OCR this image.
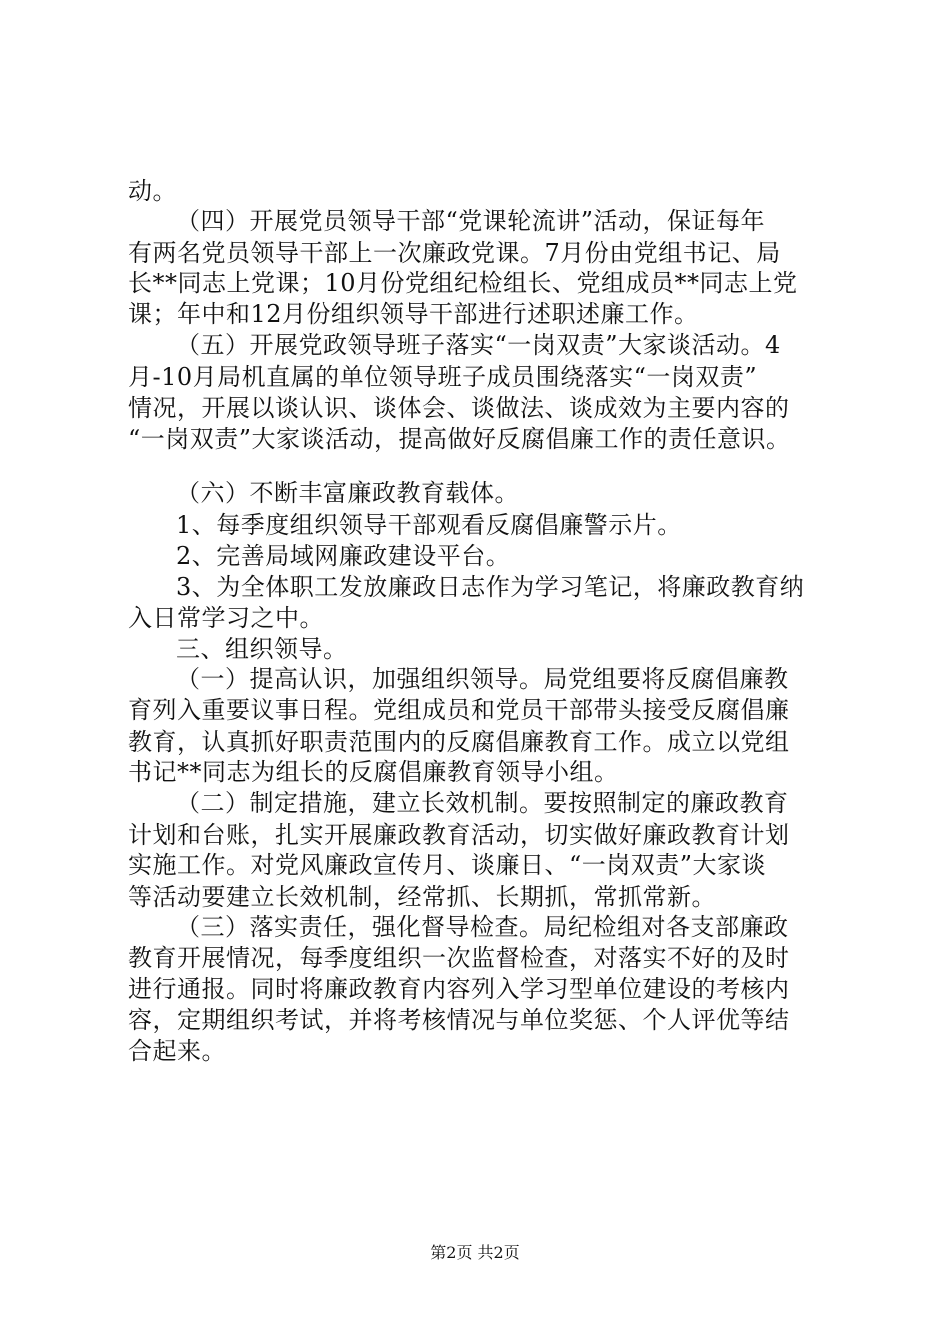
动。
（四）开展党员领导干部“党课轮流讲”活动，保证每年
有两名党员领导干部上一次廉政党课。7月份由党组书记、局
长**同志上党课；10月份党组纪检组长、党组成员**同志上党
课；年中和12月份组织领导干部进行述职述廉工作。
（五）开展党政领导班子落实“一岗双责”大家谈活动。4
月-10月局机直属的单位领导班子成员围绕落实“一岗双责”
情况，开展以谈认识、谈体会、谈做法、谈成效为主要内容的
“一岗双责”大家谈活动，提高做好反腐倡廉工作的责任意识。
（六）不断丰富廉政教育载体。
1、每季度组织领导干部观看反腐倡廉警示片。
2、完善局域网廉政建设平台。
3、为全体职工发放廉政日志作为学习笔记，将廉政教育纳
入日常学习之中。
三、组织领导。
（一）提高认识，加强组织领导。局党组要将反腐倡廉教
育列入重要议事日程。党组成员和党员干部带头接受反腐倡廉
教育，认真抓好职责范围内的反腐倡廉教育工作。成立以党组
书记**同志为组长的反腐倡廉教育领导小组。
（二）制定措施，建立长效机制。要按照制定的廉政教育
计划和台账，扎实开展廉政教育活动，切实做好廉政教育计划
实施工作。对党风廉政宣传月、谈廉日、“一岗双责”大家谈
等活动要建立长效机制，经常抓、长期抓，常抓常新。
（三）落实责任，强化督导检查。局纪检组对各支部廉政
教育开展情况，每季度组织一次监督检查，对落实不好的及时
进行通报。同时将廉政教育内容列入学习型单位建设的考核内
容，定期组织考试，并将考核情况与单位奖惩、个人评优等结
合起来。
第2页 共2页
